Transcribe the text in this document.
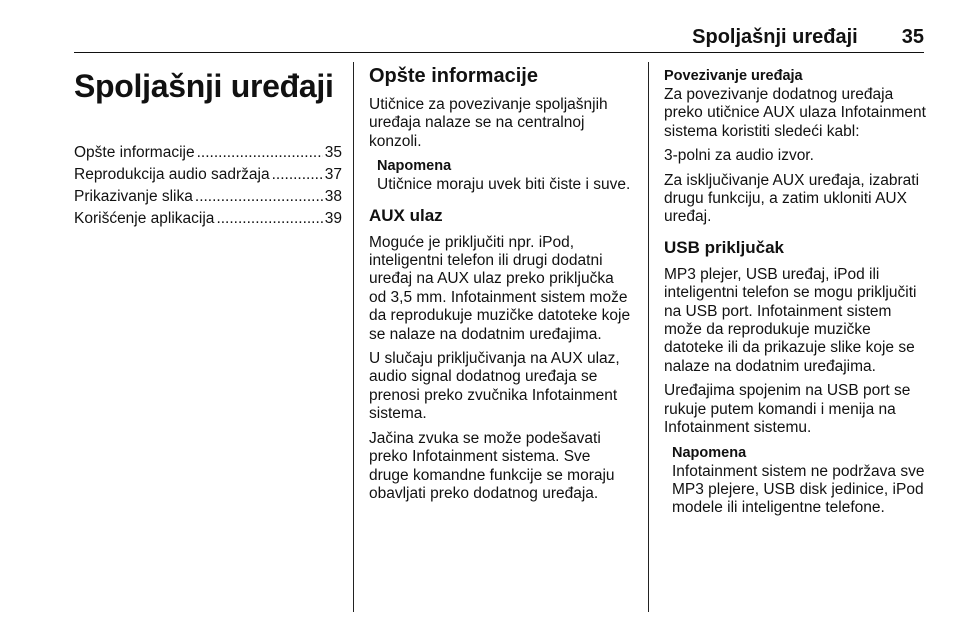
Spoljašnji uređaji 35
Spoljašnji uređaji
Opšte informacije .....	35
Reprodukcija audio sadržaja .....	37
Prikazivanje slika .....	38
Korišćenje aplikacija .....	39
Opšte informacije

Utičnice za povezivanje spoljašnjih uređaja nalaze se na centralnoj konzoli.

Napomena

Utičnice moraju uvek biti čiste i suve.

AUX ulaz

Moguće je priključiti npr. iPod, inteligentni telefon ili drugi dodatni uređaj na AUX ulaz preko priključka od 3,5 mm. Infotainment sistem može da reprodukuje muzičke datoteke koje se nalaze na dodatnim uređajima.

U slučaju priključivanja na AUX ulaz, audio signal dodatnog uređaja se prenosi preko zvučnika Infotainment sistema.

Jačina zvuka se može podešavati preko Infotainment sistema. Sve druge komandne funkcije se moraju obavljati preko dodatnog uređaja.

Povezivanje uređaja

Za povezivanje dodatnog uređaja preko utičnice AUX ulaza Infotainment sistema koristiti sledeći kabl:

3-polni za audio izvor.

Za isključivanje AUX uređaja, izabrati drugu funkciju, a zatim ukloniti AUX uređaj.

USB priključak

MP3 plejer, USB uređaj, iPod ili inteligentni telefon se mogu priključiti na USB port. Infotainment sistem može da reprodukuje muzičke datoteke ili da prikazuje slike koje se nalaze na dodatnim uređajima.

Uređajima spojenim na USB port se rukuje putem komandi i menija na Infotainment sistemu.

Napomena

Infotainment sistem ne podržava sve MP3 plejere, USB disk jedinice, iPod modele ili inteligentne telefone.
